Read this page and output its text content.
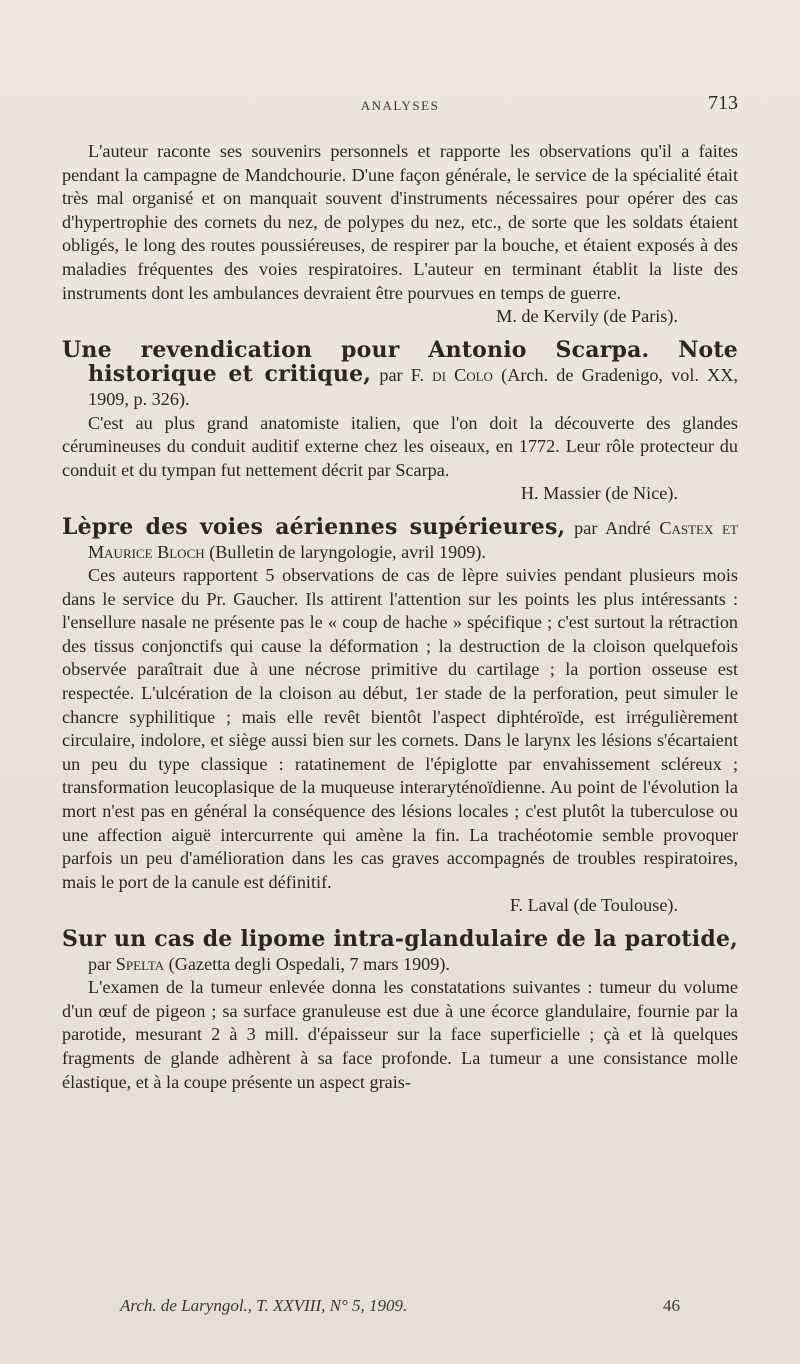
ANALYSES	713

L'auteur raconte ses souvenirs personnels et rapporte les observations qu'il a faites pendant la campagne de Mandchourie. D'une façon générale, le service de la spécialité était très mal organisé et on manquait souvent d'instruments nécessaires pour opérer des cas d'hypertrophie des cornets du nez, de polypes du nez, etc., de sorte que les soldats étaient obligés, le long des routes poussiéreuses, de respirer par la bouche, et étaient exposés à des maladies fréquentes des voies respiratoires. L'auteur en terminant établit la liste des instruments dont les ambulances devraient être pourvues en temps de guerre.

M. de Kervily (de Paris).

Une revendication pour Antonio Scarpa. Note historique et critique, par F. di Colo (Arch. de Gradenigo, vol. XX, 1909, p. 326).

C'est au plus grand anatomiste italien, que l'on doit la découverte des glandes cérumineuses du conduit auditif externe chez les oiseaux, en 1772. Leur rôle protecteur du conduit et du tympan fut nettement décrit par Scarpa.

H. Massier (de Nice).

Lèpre des voies aériennes supérieures, par André Castex et Maurice Bloch (Bulletin de laryngologie, avril 1909).

Ces auteurs rapportent 5 observations de cas de lèpre suivies pendant plusieurs mois dans le service du Pr. Gaucher. Ils attirent l'attention sur les points les plus intéressants : l'ensellure nasale ne présente pas le « coup de hache » spécifique ; c'est surtout la rétraction des tissus conjonctifs qui cause la déformation ; la destruction de la cloison quelquefois observée paraîtrait due à une nécrose primitive du cartilage ; la portion osseuse est respectée. L'ulcération de la cloison au début, 1er stade de la perforation, peut simuler le chancre syphilitique ; mais elle revêt bientôt l'aspect diphtéroïde, est irrégulièrement circulaire, indolore, et siège aussi bien sur les cornets. Dans le larynx les lésions s'écartaient un peu du type classique : ratatinement de l'épiglotte par envahissement scléreux ; transformation leucoplasique de la muqueuse interaryténoïdienne. Au point de l'évolution la mort n'est pas en général la conséquence des lésions locales ; c'est plutôt la tuberculose ou une affection aiguë intercurrente qui amène la fin. La trachéotomie semble provoquer parfois un peu d'amélioration dans les cas graves accompagnés de troubles respiratoires, mais le port de la canule est définitif.

F. Laval (de Toulouse).

Sur un cas de lipome intra-glandulaire de la parotide, par Spelta (Gazetta degli Ospedali, 7 mars 1909).

L'examen de la tumeur enlevée donna les constatations suivantes : tumeur du volume d'un œuf de pigeon ; sa surface granuleuse est due à une écorce glandulaire, fournie par la parotide, mesurant 2 à 3 mill. d'épaisseur sur la face superficielle ; çà et là quelques fragments de glande adhèrent à sa face profonde. La tumeur a une consistance molle élastique, et à la coupe présente un aspect grais-

Arch. de Laryngol., T. XXVIII, N° 5, 1909.	46
